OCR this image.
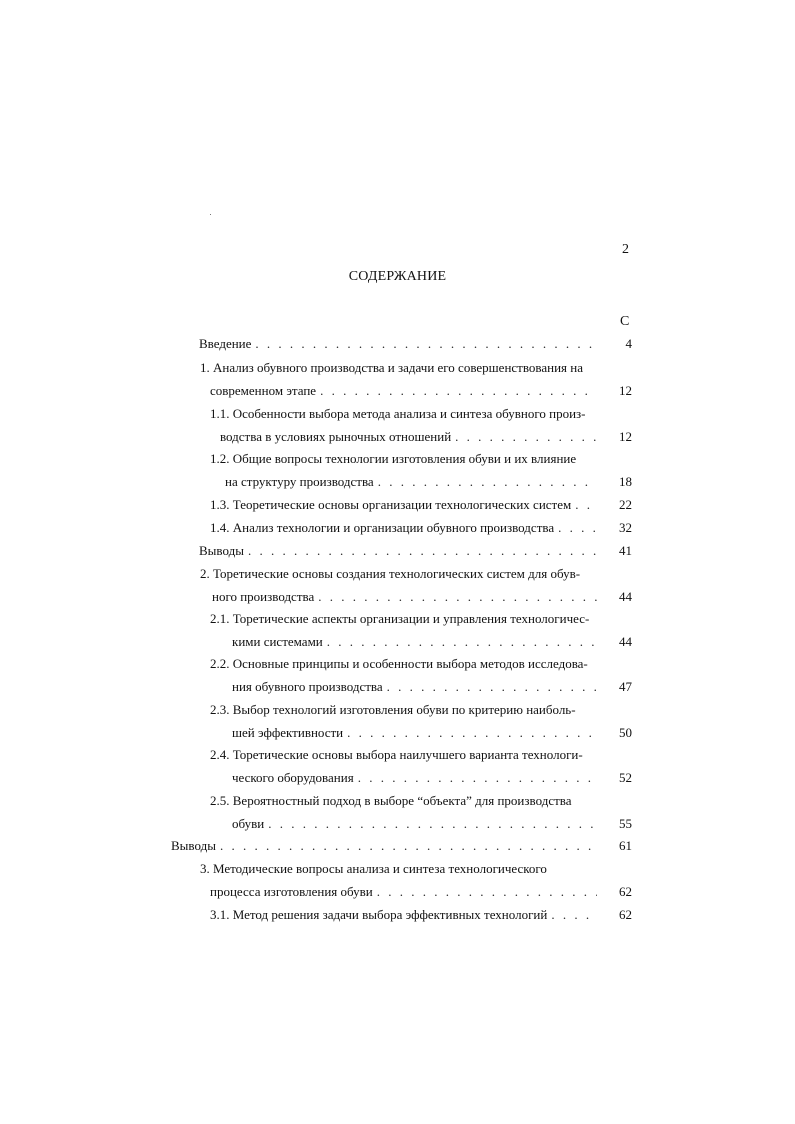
2
СОДЕРЖАНИЕ
С
Введение . . .	4
1. Анализ обувного производства и задачи его совершенствования на
современном этапе . . .	12
1.1. Особенности выбора метода анализа и синтеза обувного произ-
водства в условиях рыночных отношений . . .	12
1.2. Общие вопросы технологии изготовления обуви и их влияние
на структуру производства . . .	18
1.3. Теоретические основы организации технологических систем . . .	22
1.4. Анализ технологии и организации обувного производства . . .	32
Выводы . . .	41
2. Торетические основы создания технологических систем для обув-
ного производства . . .	44
2.1. Торетические аспекты организации и управления технологичес-
кими системами . . .	44
2.2. Основные принципы и особенности выбора методов исследова-
ния обувного производства . . .	47
2.3. Выбор технологий изготовления обуви по критерию наиболь-
шей эффективности . . .	50
2.4. Торетические основы выбора наилучшего варианта технологи-
ческого оборудования . . .	52
2.5. Вероятностный подход в выборе “объекта” для производства
обуви . . .	55
Выводы . . .	61
3. Методические вопросы анализа и синтеза технологического
процесса изготовления обуви . . .	62
3.1. Метод решения задачи выбора эффективных технологий . . .	62
